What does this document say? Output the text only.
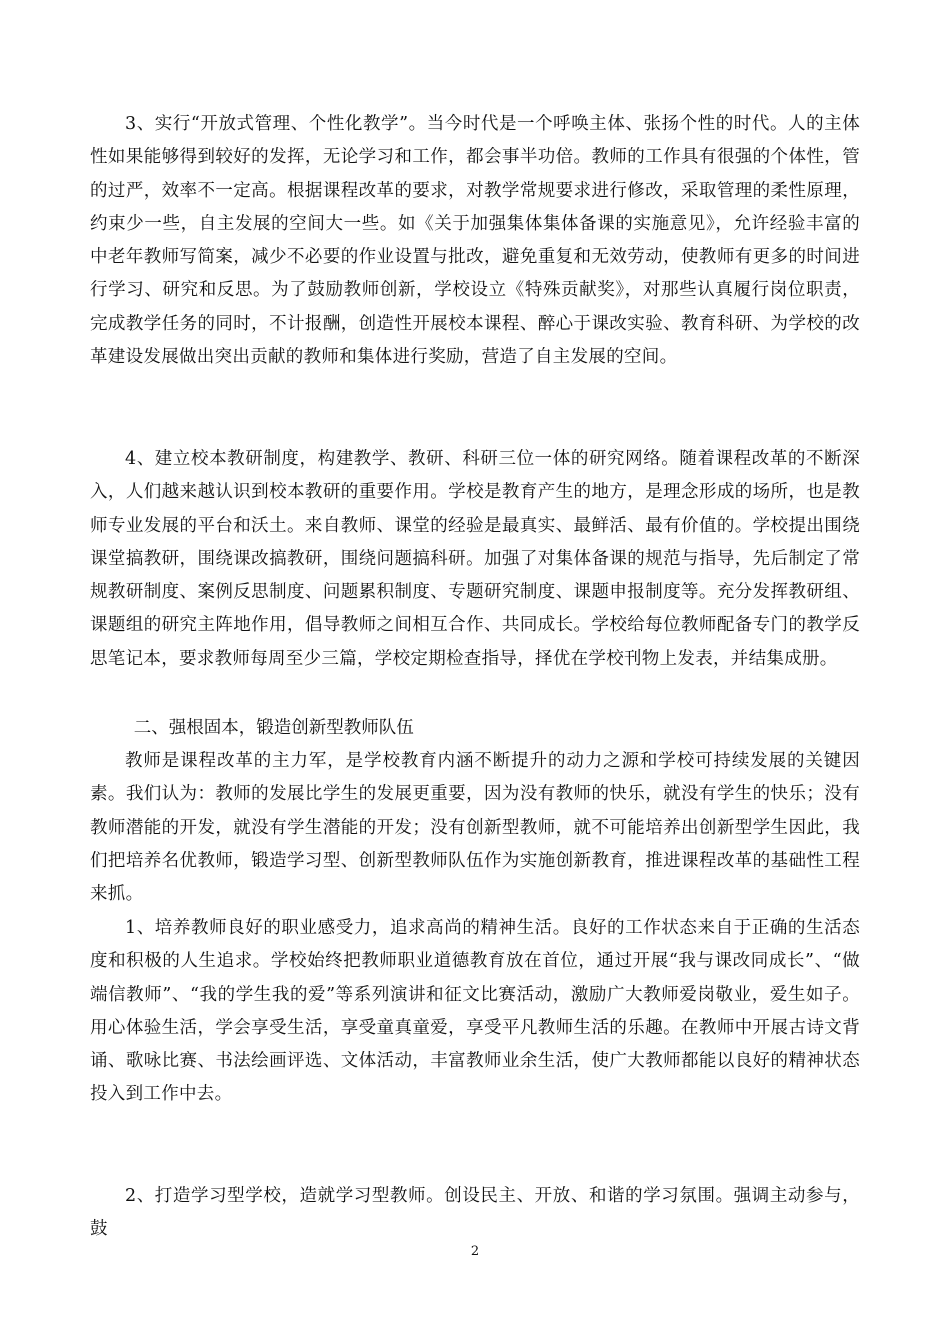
3、实行“开放式管理、个性化教学”。当今时代是一个呼唤主体、张扬个性的时代。人的主体性如果能够得到较好的发挥，无论学习和工作，都会事半功倍。教师的工作具有很强的个体性，管的过严，效率不一定高。根据课程改革的要求，对教学常规要求进行修改，采取管理的柔性原理，约束少一些，自主发展的空间大一些。如《关于加强集体集体备课的实施意见》，允许经验丰富的中老年教师写简案，减少不必要的作业设置与批改，避免重复和无效劳动，使教师有更多的时间进行学习、研究和反思。为了鼓励教师创新，学校设立《特殊贡献奖》，对那些认真履行岗位职责，完成教学任务的同时，不计报酬，创造性开展校本课程、醉心于课改实验、教育科研、为学校的改革建设发展做出突出贡献的教师和集体进行奖励，营造了自主发展的空间。

4、建立校本教研制度，构建教学、教研、科研三位一体的研究网络。随着课程改革的不断深入，人们越来越认识到校本教研的重要作用。学校是教育产生的地方，是理念形成的场所，也是教师专业发展的平台和沃土。来自教师、课堂的经验是最真实、最鲜活、最有价值的。学校提出围绕课堂搞教研，围绕课改搞教研，围绕问题搞科研。加强了对集体备课的规范与指导，先后制定了常规教研制度、案例反思制度、问题累积制度、专题研究制度、课题申报制度等。充分发挥教研组、课题组的研究主阵地作用，倡导教师之间相互合作、共同成长。学校给每位教师配备专门的教学反思笔记本，要求教师每周至少三篇，学校定期检查指导，择优在学校刊物上发表，并结集成册。

二、强根固本，锻造创新型教师队伍

教师是课程改革的主力军，是学校教育内涵不断提升的动力之源和学校可持续发展的关键因素。我们认为：教师的发展比学生的发展更重要，因为没有教师的快乐，就没有学生的快乐；没有教师潜能的开发，就没有学生潜能的开发；没有创新型教师，就不可能培养出创新型学生因此，我们把培养名优教师，锻造学习型、创新型教师队伍作为实施创新教育，推进课程改革的基础性工程来抓。

1、培养教师良好的职业感受力，追求高尚的精神生活。良好的工作状态来自于正确的生活态度和积极的人生追求。学校始终把教师职业道德教育放在首位，通过开展“我与课改同成长”、“做端信教师”、“我的学生我的爱”等系列演讲和征文比赛活动，激励广大教师爱岗敬业，爱生如子。用心体验生活，学会享受生活，享受童真童爱，享受平凡教师生活的乐趣。在教师中开展古诗文背诵、歌咏比赛、书法绘画评选、文体活动，丰富教师业余生活，使广大教师都能以良好的精神状态投入到工作中去。

2、打造学习型学校，造就学习型教师。创设民主、开放、和谐的学习氛围。强调主动参与，鼓

2
